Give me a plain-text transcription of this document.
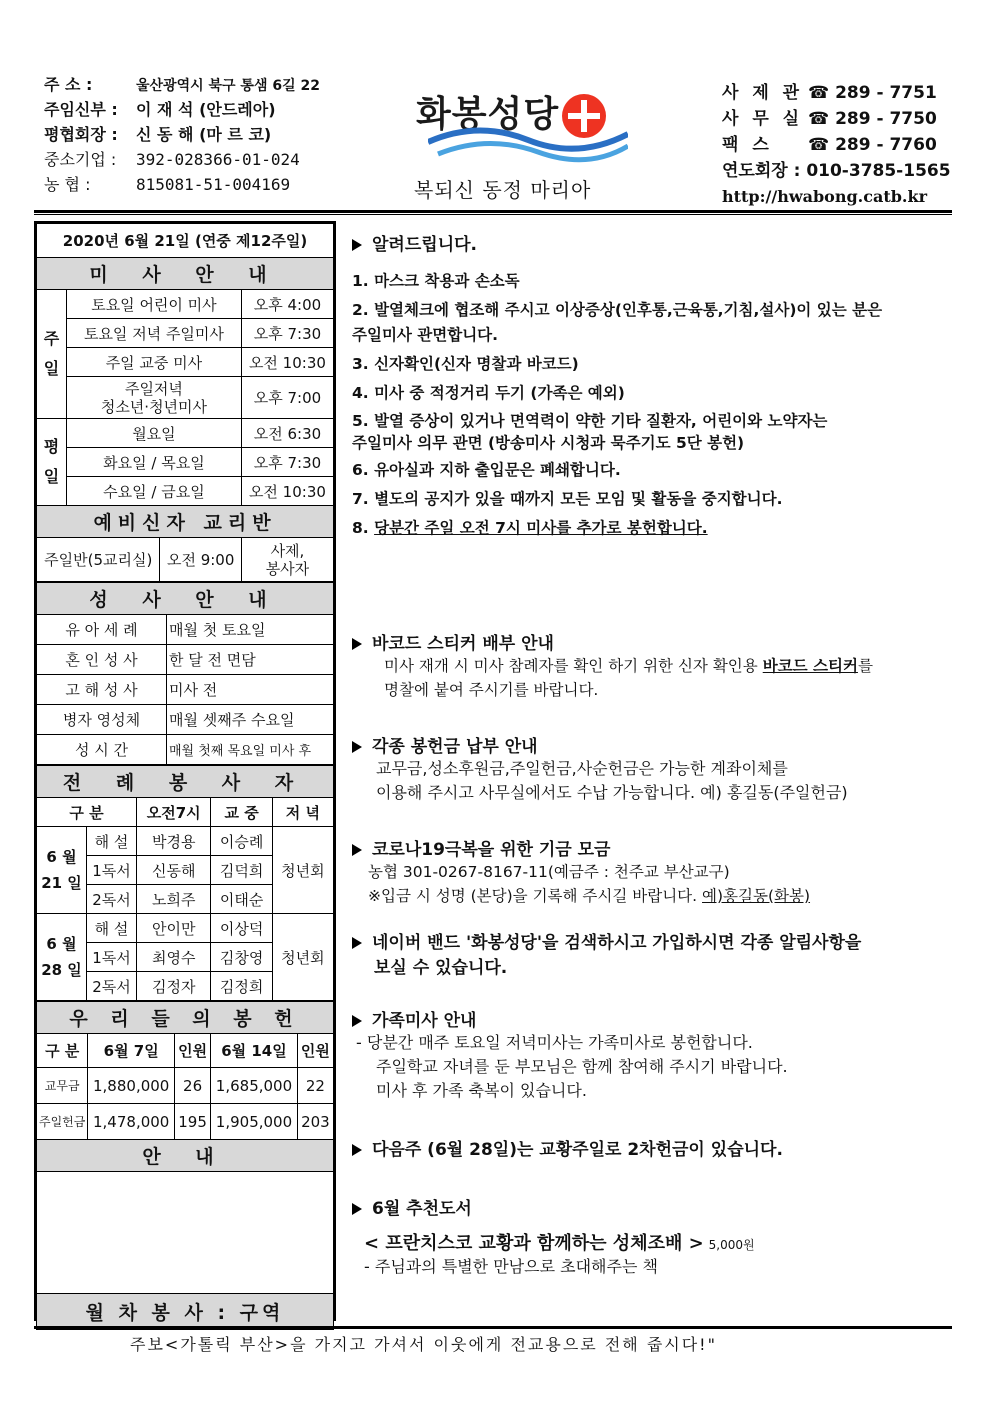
주 소 :	울산광역시 북구 통샘 6길 22
주임신부 : 이 재 석 (안드레아)
평협회장 : 신 동 해 (마 르 코)
중소기업 : 392-028366-01-024
농 협 :	815081-51-004169
화봉성당
복되신 동정 마리아
사 제 관 ☎ 289 - 7751
사 무 실 ☎ 289 - 7750
팩 스 ☎ 289 - 7760
연도회장 : 010-3785-1565
http://hwabong.catb.kr
2020년 6월 21일 (연중 제12주일)			
미 사 안 내			
주일	토요일 어린이 미사		오후 4:00
	토요일 저녁 주일미사		오후 7:30
	주일 교중 미사		오전 10:30
	주일저녁
청소년·청년미사		오후 7:00
평일	월요일		오전 6:30
	화요일 / 목요일		오후 7:30
	수요일 / 금요일		오전 10:30
예비신자 교리반			
주일반(5교리실)		오전 9:00	사제,
봉사자
성 사 안 내	
유 아 세 례	매월 첫 토요일
혼 인 성 사	한 달 전 면담
고 해 성 사	미사 전
병자 영성체	매월 셋째주 수요일
성 시 간	매월 첫째 목요일 미사 후
전 례 봉 사 자				
구 분		오전7시	교 중	저 녁
6 월
21 일	해 설	박경용	이승례	청년회
	1독서	신동해	김덕희	
	2독서	노희주	이태순	
6 월
28 일	해 설	안이만	이상덕	청년회
	1독서	최영수	김창영	
	2독서	김정자	김정희	
우 리 들 의 봉 헌				
구 분	6월 7일	인원	6월 14일	인원
교무금	1,880,000	26	1,685,000	22
주일헌금	1,478,000	195	1,905,000	203
안 내				

월 차 봉 사 : 구역				
알려드립니다.
1. 마스크 착용과 손소독
2. 발열체크에 협조해 주시고 이상증상(인후통,근육통,기침,설사)이 있는 분은
주일미사 관면합니다.
3. 신자확인(신자 명찰과 바코드)
4. 미사 중 적정거리 두기 (가족은 예외)
5. 발열 증상이 있거나 면역력이 약한 기타 질환자, 어린이와 노약자는
주일미사 의무 관면 (방송미사 시청과 묵주기도 5단 봉헌)
6. 유아실과 지하 출입문은 폐쇄합니다.
7. 별도의 공지가 있을 때까지 모든 모임 및 활동을 중지합니다.
8. 당분간 주일 오전 7시 미사를 추가로 봉헌합니다.
바코드 스티커 배부 안내
미사 재개 시 미사 참례자를 확인 하기 위한 신자 확인용 바코드 스티커를
명찰에 붙여 주시기를 바랍니다.
각종 봉헌금 납부 안내
교무금,성소후원금,주일헌금,사순헌금은 가능한 계좌이체를
이용해 주시고 사무실에서도 수납 가능합니다. 예) 홍길동(주일헌금)
코로나19극복을 위한 기금 모금
농협 301-0267-8167-11(예금주 : 천주교 부산교구)
※입금 시 성명 (본당)을 기록해 주시길 바랍니다. 예)홍길동(화봉)
네이버 밴드 '화봉성당'을 검색하시고 가입하시면 각종 알림사항을
보실 수 있습니다.
가족미사 안내
- 당분간 매주 토요일 저녁미사는 가족미사로 봉헌합니다.
주일학교 자녀를 둔 부모님은 함께 참여해 주시기 바랍니다.
미사 후 가족 축복이 있습니다.
다음주 (6월 28일)는 교황주일로 2차헌금이 있습니다.
6월 추천도서
< 프란치스코 교황과 함께하는 성체조배 > 5,000원
- 주님과의 특별한 만남으로 초대해주는 책
주보<가톨릭 부산>을 가지고 가셔서 이웃에게 전교용으로 전해 줍시다!"
